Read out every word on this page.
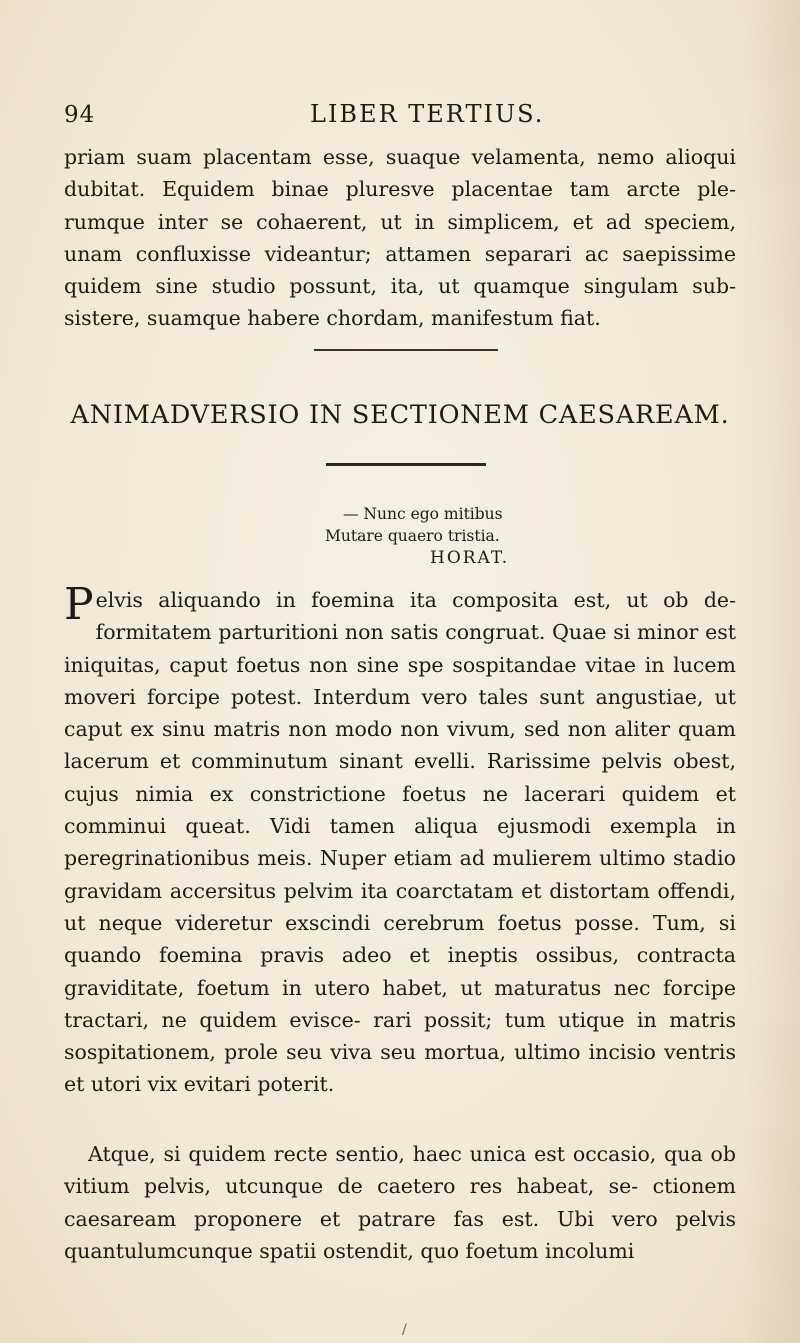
94	LIBER TERTIUS.
priam suam placentam esse, suaque velamenta, nemo alioqui dubitat. Equidem binae pluresve placentae tam arcte ple- rumque inter se cohaerent, ut in simplicem, et ad speciem, unam confluxisse videantur; attamen separari ac saepissime quidem sine studio possunt, ita, ut quamque singulam sub- sistere, suamque habere chordam, manifestum fiat.
ANIMADVERSIO IN SECTIONEM CAESAREAM.
— Nunc ego mitibus
Mutare quaero tristia.
HORAT.
Pelvis aliquando in foemina ita composita est, ut ob de- formitatem parturitioni non satis congruat. Quae si minor est iniquitas, caput foetus non sine spe sospitandae vitae in lucem moveri forcipe potest. Interdum vero tales sunt angustiae, ut caput ex sinu matris non modo non vivum, sed non aliter quam lacerum et comminutum sinant evelli. Rarissime pelvis obest, cujus nimia ex constrictione foetus ne lacerari quidem et comminui queat. Vidi tamen aliqua ejusmodi exempla in peregrinationibus meis. Nuper etiam ad mulierem ultimo stadio gravidam accersitus pelvim ita coarctatam et distortam offendi, ut neque videretur exscindi cerebrum foetus posse. Tum, si quando foemina pravis adeo et ineptis ossibus, contracta graviditate, foetum in utero habet, ut maturatus nec forcipe tractari, ne quidem evisce- rari possit; tum utique in matris sospitationem, prole seu viva seu mortua, ultimo incisio ventris et utori vix evitari poterit.
Atque, si quidem recte sentio, haec unica est occasio, qua ob vitium pelvis, utcunque de caetero res habeat, se- ctionem caesaream proponere et patrare fas est. Ubi vero pelvis quantulumcunque spatii ostendit, quo foetum incolumi
/
